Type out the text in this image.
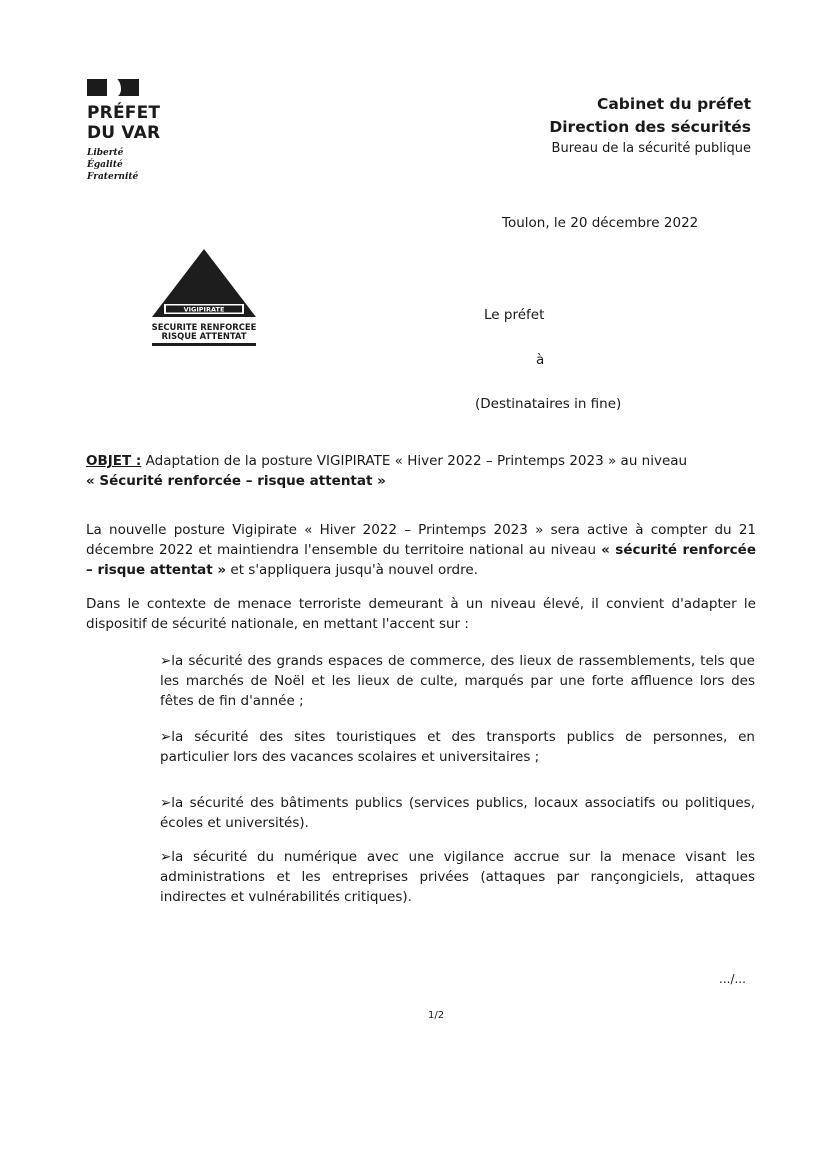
PRÉFET
DU VAR
Liberté
Égalité
Fraternité
Cabinet du préfet
Direction des sécurités
Bureau de la sécurité publique
Toulon, le 20 décembre 2022
VIGIPIRATE
SECURITE RENFORCEE
RISQUE ATTENTAT
Le préfet
à
(Destinataires in fine)
OBJET : Adaptation de la posture VIGIPIRATE « Hiver 2022 – Printemps 2023 » au niveau
« Sécurité renforcée – risque attentat »
La nouvelle posture Vigipirate « Hiver 2022 – Printemps 2023 » sera active à compter du 21 décembre 2022 et maintiendra l'ensemble du territoire national au niveau « sécurité renforcée – risque attentat » et s'appliquera jusqu'à nouvel ordre.
Dans le contexte de menace terroriste demeurant à un niveau élevé, il convient d'adapter le dispositif de sécurité nationale, en mettant l'accent sur :
➢la sécurité des grands espaces de commerce, des lieux de rassemblements, tels que les marchés de Noël et les lieux de culte, marqués par une forte affluence lors des fêtes de fin d'année ;
➢la sécurité des sites touristiques et des transports publics de personnes, en particulier lors des vacances scolaires et universitaires ;
➢la sécurité des bâtiments publics (services publics, locaux associatifs ou politiques, écoles et universités).
➢la sécurité du numérique avec une vigilance accrue sur la menace visant les administrations et les entreprises privées (attaques par rançongiciels, attaques indirectes et vulnérabilités critiques).
.../...
1/2
